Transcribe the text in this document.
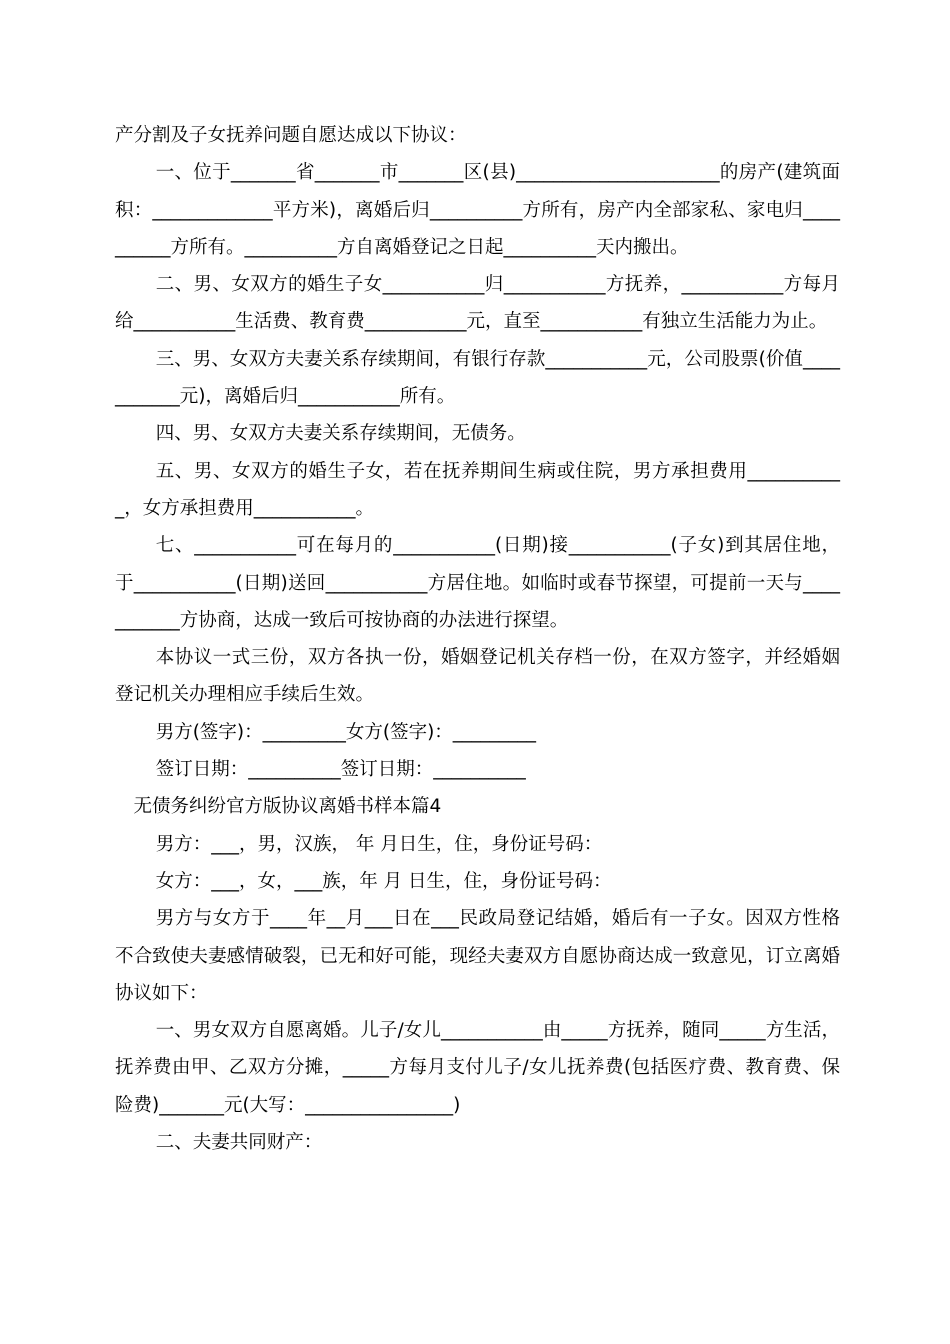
产分割及子女抚养问题自愿达成以下协议：

一、位于_______省_______市_______区(县)______________________的房产(建筑面积：_____________平方米)，离婚后归__________方所有，房产内全部家私、家电归__________方所有。__________方自离婚登记之日起__________天内搬出。

二、男、女双方的婚生子女___________归___________方抚养，___________方每月给___________生活费、教育费___________元，直至___________有独立生活能力为止。

三、男、女双方夫妻关系存续期间，有银行存款___________元，公司股票(价值___________元)，离婚后归___________所有。

四、男、女双方夫妻关系存续期间，无债务。

五、男、女双方的婚生子女，若在抚养期间生病或住院，男方承担费用___________，女方承担费用___________。

七、___________可在每月的___________(日期)接___________(子女)到其居住地，于___________(日期)送回___________方居住地。如临时或春节探望，可提前一天与___________方协商，达成一致后可按协商的办法进行探望。

本协议一式三份，双方各执一份，婚姻登记机关存档一份，在双方签字，并经婚姻登记机关办理相应手续后生效。

男方(签字)：_________女方(签字)：_________

签订日期：__________签订日期：__________

无债务纠纷官方版协议离婚书样本篇4

男方：___，男，汉族， 年 月日生，住，身份证号码：

女方：___，女，___族，年 月 日生，住，身份证号码：

男方与女方于____年__月___日在___民政局登记结婚，婚后有一子女。因双方性格不合致使夫妻感情破裂，已无和好可能，现经夫妻双方自愿协商达成一致意见，订立离婚协议如下：

一、男女双方自愿离婚。儿子/女儿___________由_____方抚养，随同_____方生活，抚养费由甲、乙双方分摊，_____方每月支付儿子/女儿抚养费(包括医疗费、教育费、保险费)_______元(大写：________________)

二、夫妻共同财产：
